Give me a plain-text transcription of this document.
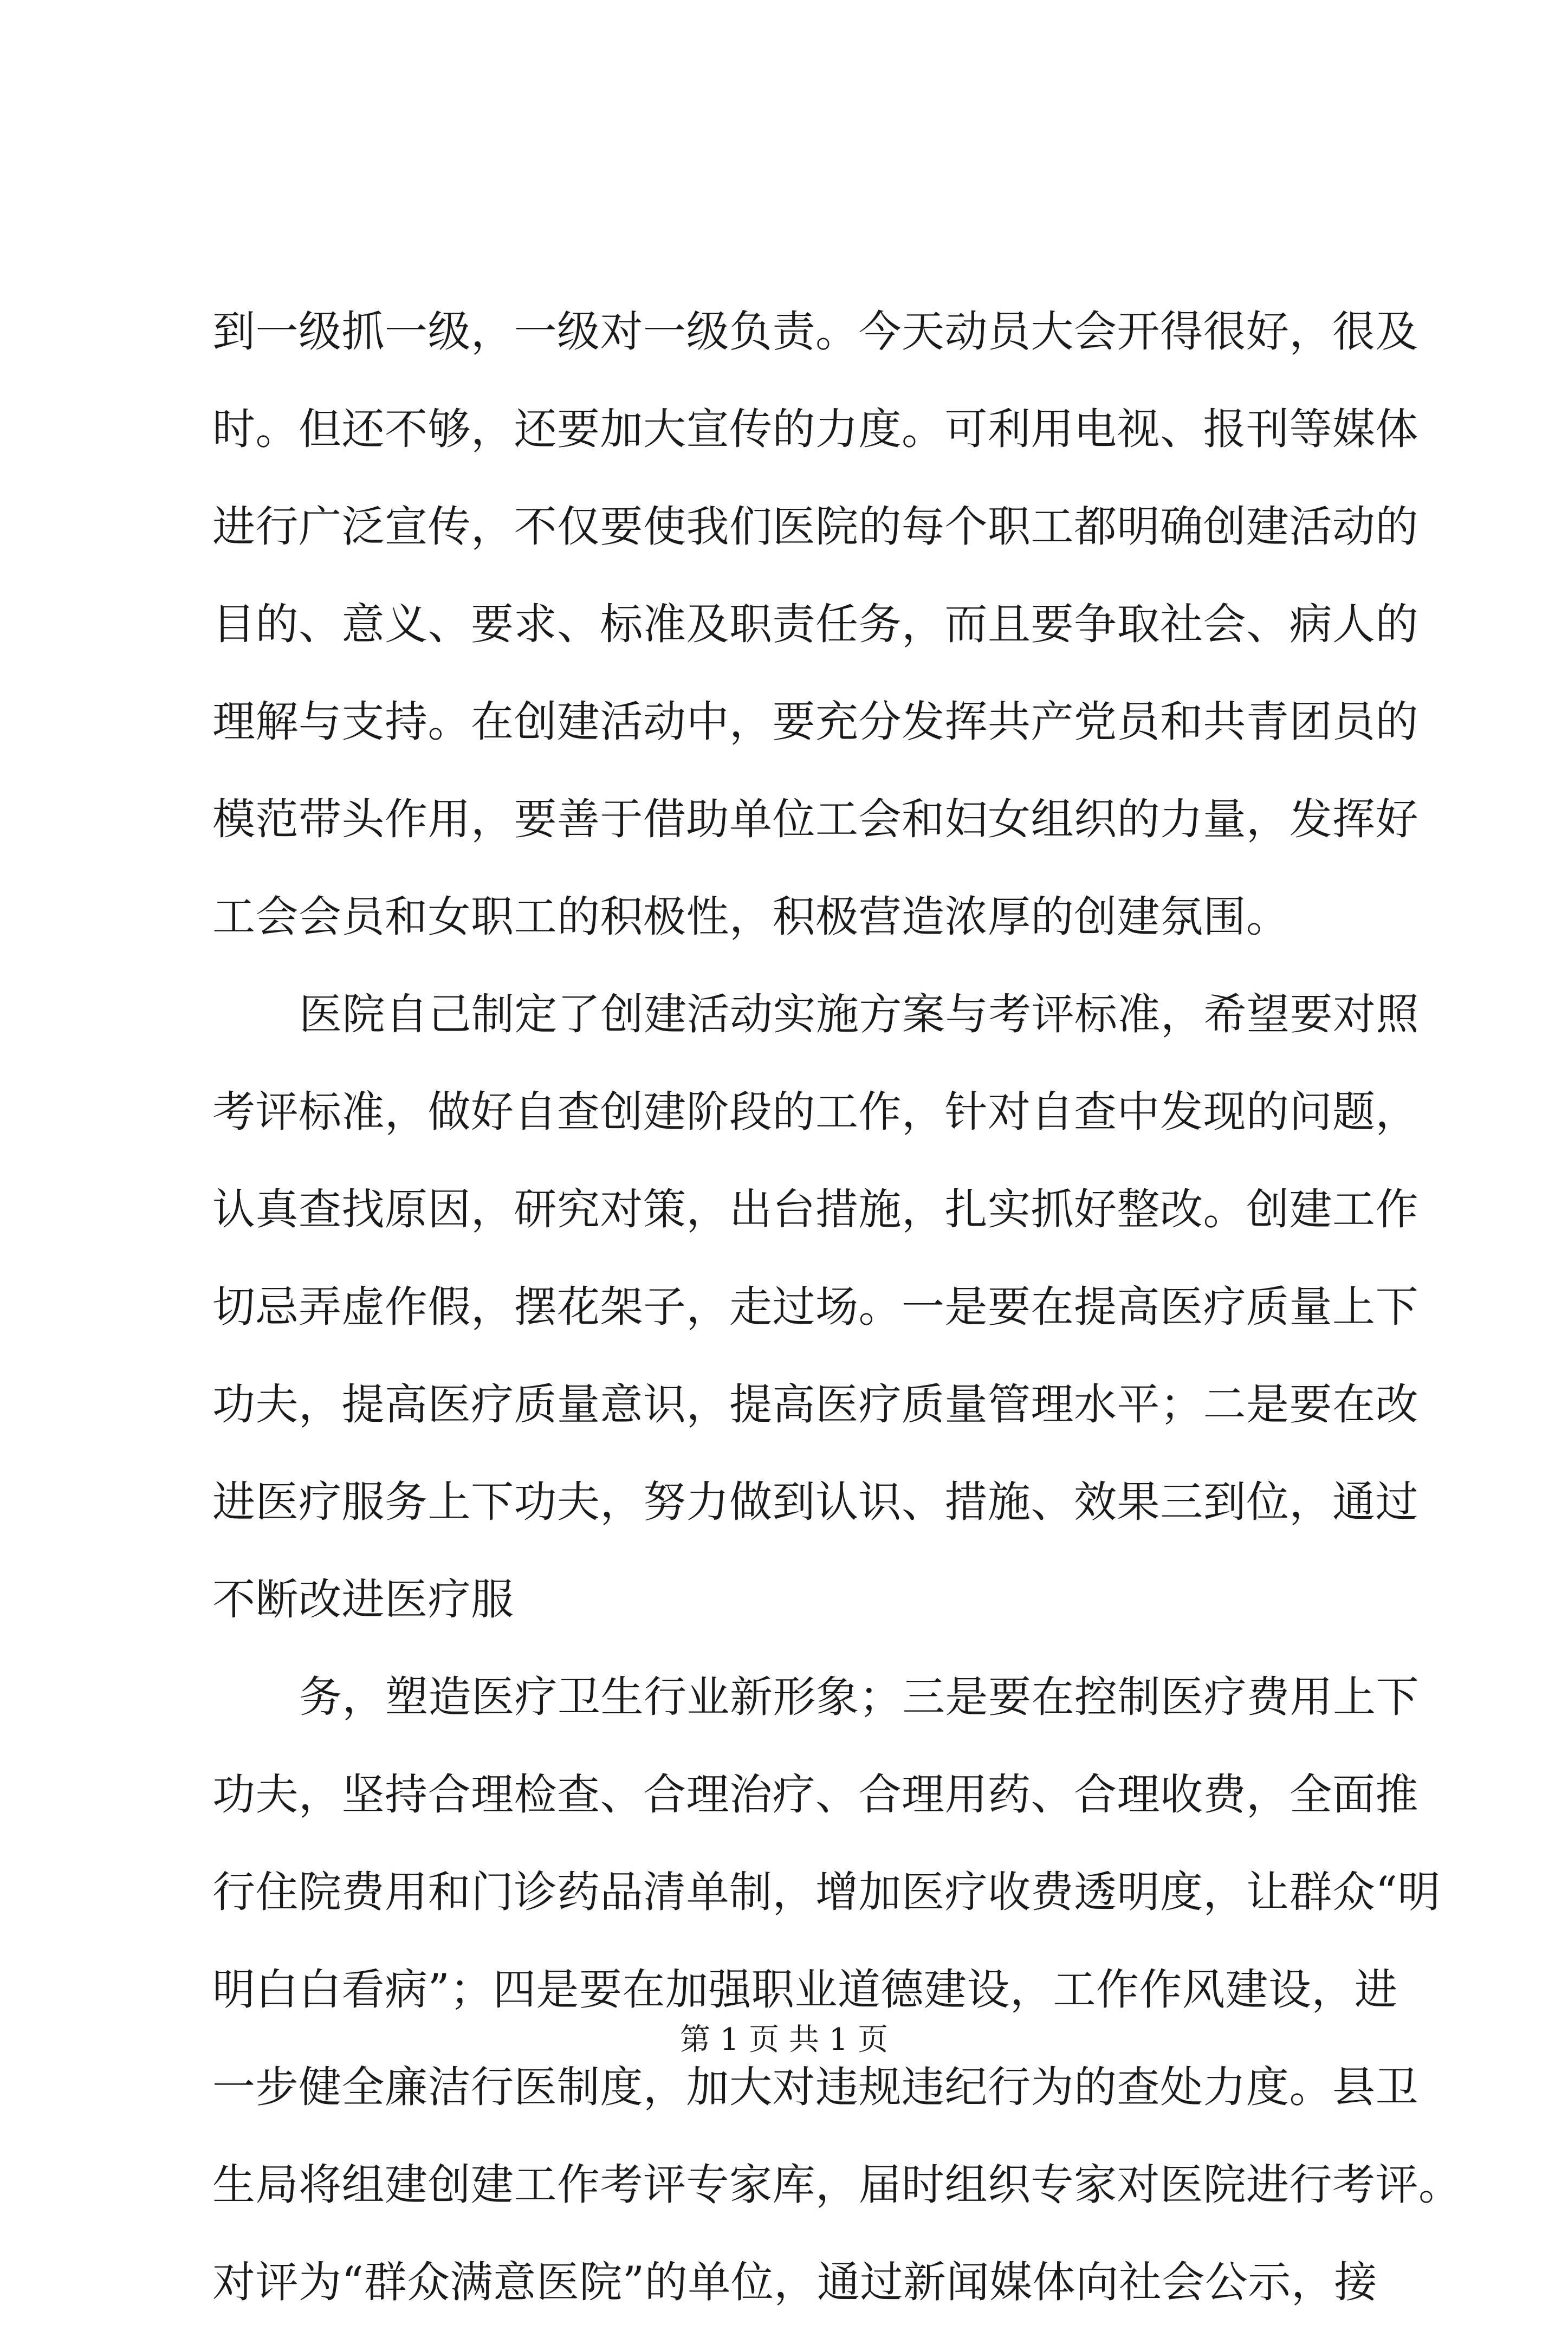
到一级抓一级，一级对一级负责。今天动员大会开得很好，很及
时。但还不够，还要加大宣传的力度。可利用电视、报刊等媒体
进行广泛宣传，不仅要使我们医院的每个职工都明确创建活动的
目的、意义、要求、标准及职责任务，而且要争取社会、病人的
理解与支持。在创建活动中，要充分发挥共产党员和共青团员的
模范带头作用，要善于借助单位工会和妇女组织的力量，发挥好
工会会员和女职工的积极性，积极营造浓厚的创建氛围。
医院自己制定了创建活动实施方案与考评标准，希望要对照
考评标准，做好自查创建阶段的工作，针对自查中发现的问题，
认真查找原因，研究对策，出台措施，扎实抓好整改。创建工作
切忌弄虚作假，摆花架子，走过场。一是要在提高医疗质量上下
功夫，提高医疗质量意识，提高医疗质量管理水平；二是要在改
进医疗服务上下功夫，努力做到认识、措施、效果三到位，通过
不断改进医疗服
务，塑造医疗卫生行业新形象；三是要在控制医疗费用上下
功夫，坚持合理检查、合理治疗、合理用药、合理收费，全面推
行住院费用和门诊药品清单制，增加医疗收费透明度，让群众“明
明白白看病”；四是要在加强职业道德建设，工作作风建设，进
一步健全廉洁行医制度，加大对违规违纪行为的查处力度。县卫
生局将组建创建工作考评专家库，届时组织专家对医院进行考评。
对评为“群众满意医院”的单位，通过新闻媒体向社会公示，接
第 1 页 共 1 页
